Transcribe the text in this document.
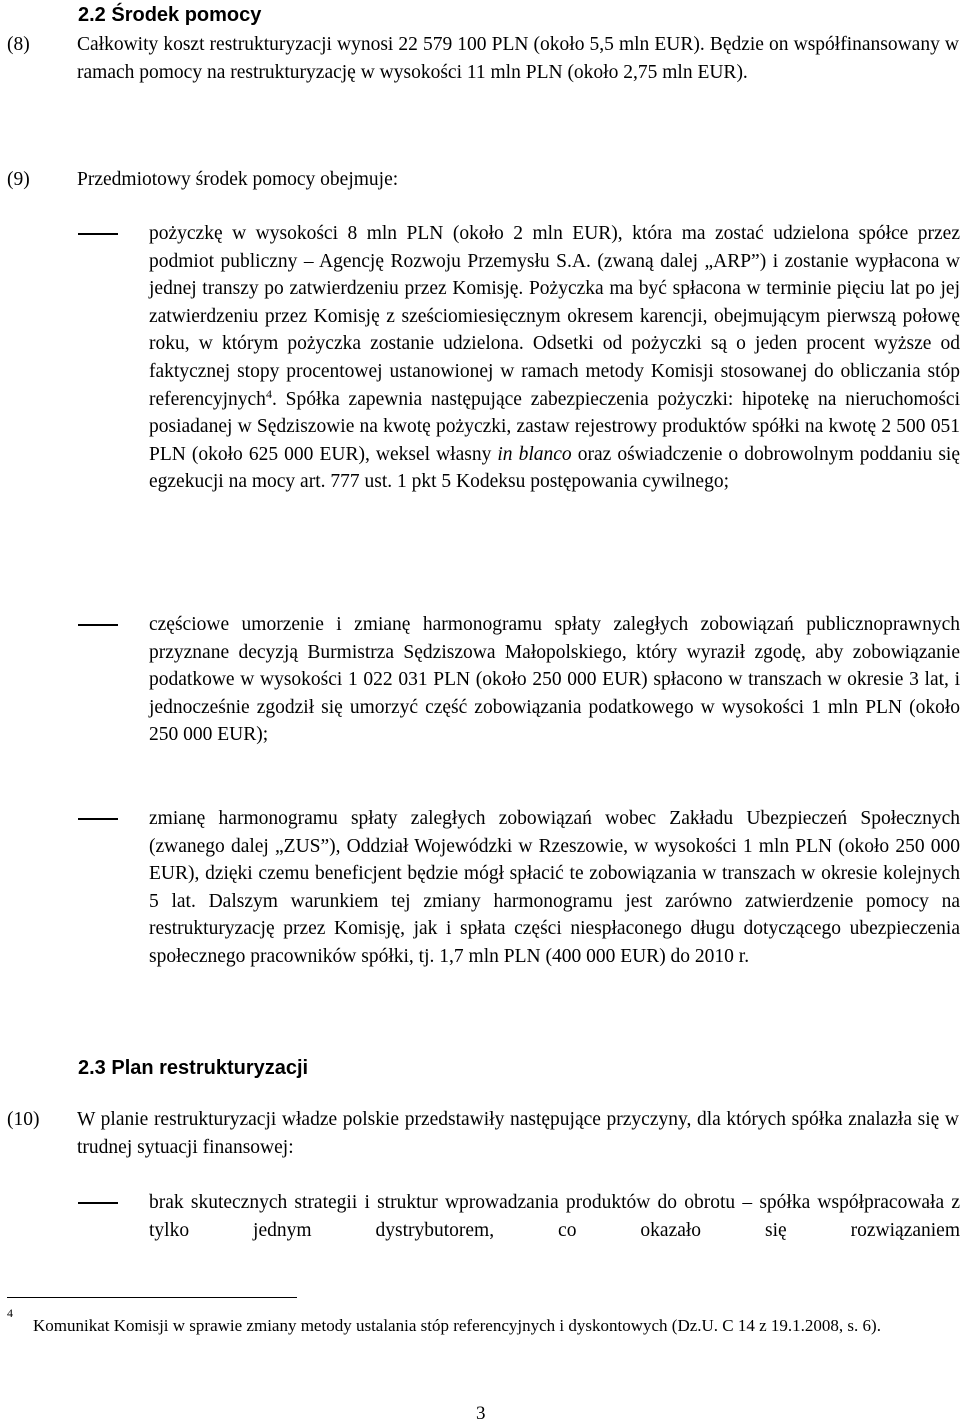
2.2 Środek pomocy
(8) Całkowity koszt restrukturyzacji wynosi 22 579 100 PLN (około 5,5 mln EUR). Będzie on współfinansowany w ramach pomocy na restrukturyzację w wysokości 11 mln PLN (około 2,75 mln EUR).

(9) Przedmiotowy środek pomocy obejmuje:

pożyczkę w wysokości 8 mln PLN (około 2 mln EUR), która ma zostać udzielona spółce przez podmiot publiczny – Agencję Rozwoju Przemysłu S.A. (zwaną dalej „ARP”) i zostanie wypłacona w jednej transzy po zatwierdzeniu przez Komisję. Pożyczka ma być spłacona w terminie pięciu lat po jej zatwierdzeniu przez Komisję z sześciomiesięcznym okresem karencji, obejmującym pierwszą połowę roku, w którym pożyczka zostanie udzielona. Odsetki od pożyczki są o jeden procent wyższe od faktycznej stopy procentowej ustanowionej w ramach metody Komisji stosowanej do obliczania stóp referencyjnych$^4$. Spółka zapewnia następujące zabezpieczenia pożyczki: hipotekę na nieruchomości posiadanej w Sędziszowie na kwotę pożyczki, zastaw rejestrowy produktów spółki na kwotę 2 500 051 PLN (około 625 000 EUR), weksel własny in blanco oraz oświadczenie o dobrowolnym poddaniu się egzekucji na mocy art. 777 ust. 1 pkt 5 Kodeksu postępowania cywilnego;

częściowe umorzenie i zmianę harmonogramu spłaty zaległych zobowiązań publicznoprawnych przyznane decyzją Burmistrza Sędziszowa Małopolskiego, który wyraził zgodę, aby zobowiązanie podatkowe w wysokości 1 022 031 PLN (około 250 000 EUR) spłacono w transzach w okresie 3 lat, i jednocześnie zgodził się umorzyć część zobowiązania podatkowego w wysokości 1 mln PLN (około 250 000 EUR);

zmianę harmonogramu spłaty zaległych zobowiązań wobec Zakładu Ubezpieczeń Społecznych (zwanego dalej „ZUS”), Oddział Wojewódzki w Rzeszowie, w wysokości 1 mln PLN (około 250 000 EUR), dzięki czemu beneficjent będzie mógł spłacić te zobowiązania w transzach w okresie kolejnych 5 lat. Dalszym warunkiem tej zmiany harmonogramu jest zarówno zatwierdzenie pomocy na restrukturyzację przez Komisję, jak i spłata części niespłaconego długu dotyczącego ubezpieczenia społecznego pracowników spółki, tj. 1,7 mln PLN (400 000 EUR) do 2010 r.

2.3 Plan restrukturyzacji
(10) W planie restrukturyzacji władze polskie przedstawiły następujące przyczyny, dla których spółka znalazła się w trudnej sytuacji finansowej:

brak skutecznych strategii i struktur wprowadzania produktów do obrotu – spółka współpracowała z tylko jednym dystrybutorem, co okazało się rozwiązaniem

4

Komunikat Komisji w sprawie zmiany metody ustalania stóp referencyjnych i dyskontowych (Dz.U. C 14 z 19.1.2008, s. 6).

3
